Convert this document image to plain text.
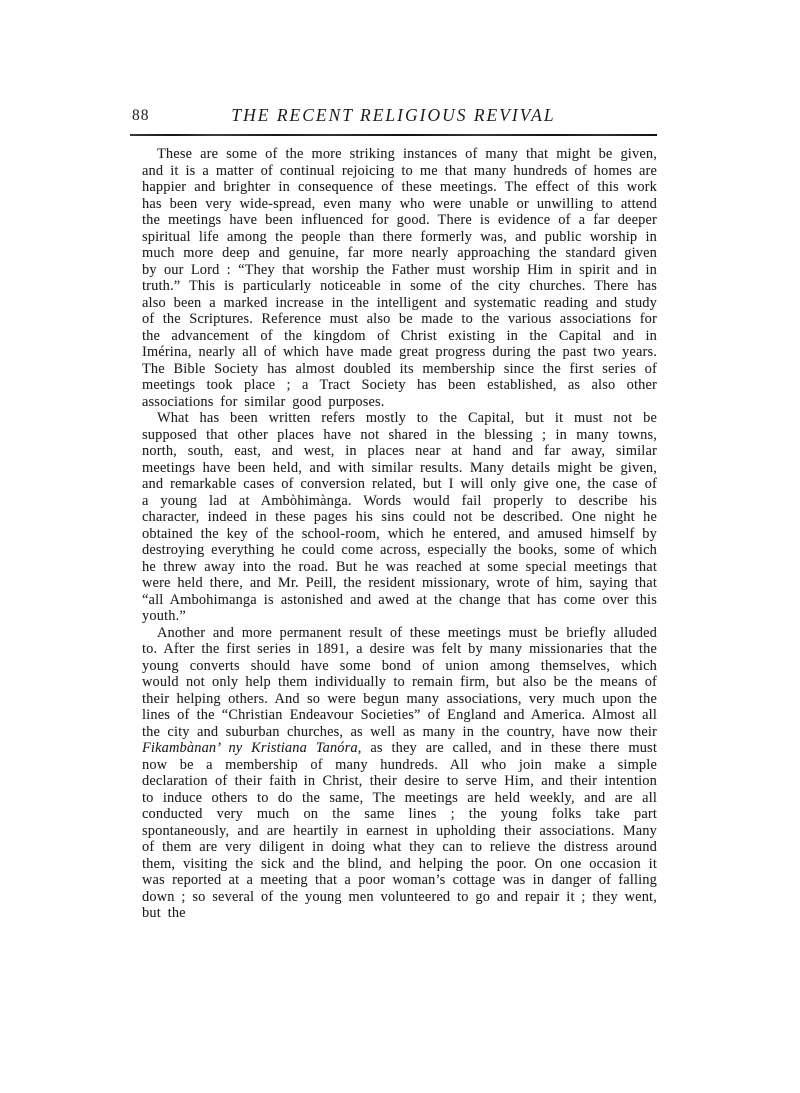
88	THE RECENT RELIGIOUS REVIVAL

These are some of the more striking instances of many that might be given, and it is a matter of continual rejoicing to me that many hundreds of homes are happier and brighter in consequence of these meetings. The effect of this work has been very wide-spread, even many who were unable or unwilling to attend the meetings have been influenced for good. There is evidence of a far deeper spiritual life among the people than there formerly was, and public worship in much more deep and genuine, far more nearly approaching the standard given by our Lord : “They that worship the Father must worship Him in spirit and in truth.” This is particularly noticeable in some of the city churches. There has also been a marked increase in the intelligent and systematic reading and study of the Scriptures. Reference must also be made to the various associations for the advancement of the kingdom of Christ existing in the Capital and in Imérina, nearly all of which have made great progress during the past two years. The Bible Society has almost doubled its membership since the first series of meetings took place ; a Tract Society has been established, as also other associations for similar good purposes.

What has been written refers mostly to the Capital, but it must not be supposed that other places have not shared in the blessing ; in many towns, north, south, east, and west, in places near at hand and far away, similar meetings have been held, and with similar results. Many details might be given, and remarkable cases of conversion related, but I will only give one, the case of a young lad at Ambòhimànga. Words would fail properly to describe his character, indeed in these pages his sins could not be described. One night he obtained the key of the school-room, which he entered, and amused himself by destroying everything he could come across, especially the books, some of which he threw away into the road. But he was reached at some special meetings that were held there, and Mr. Peill, the resident missionary, wrote of him, saying that “all Ambohimanga is astonished and awed at the change that has come over this youth.”

Another and more permanent result of these meetings must be briefly alluded to. After the first series in 1891, a desire was felt by many missionaries that the young converts should have some bond of union among themselves, which would not only help them individually to remain firm, but also be the means of their helping others. And so were begun many associations, very much upon the lines of the “Christian Endeavour Societies” of England and America. Almost all the city and suburban churches, as well as many in the country, have now their Fikambànan’ ny Kristiana Tanóra, as they are called, and in these there must now be a membership of many hundreds. All who join make a simple declaration of their faith in Christ, their desire to serve Him, and their intention to induce others to do the same, The meetings are held weekly, and are all conducted very much on the same lines ; the young folks take part spontaneously, and are heartily in earnest in upholding their associations. Many of them are very diligent in doing what they can to relieve the distress around them, visiting the sick and the blind, and helping the poor. On one occasion it was reported at a meeting that a poor woman’s cottage was in danger of falling down ; so several of the young men volunteered to go and repair it ; they went, but the
